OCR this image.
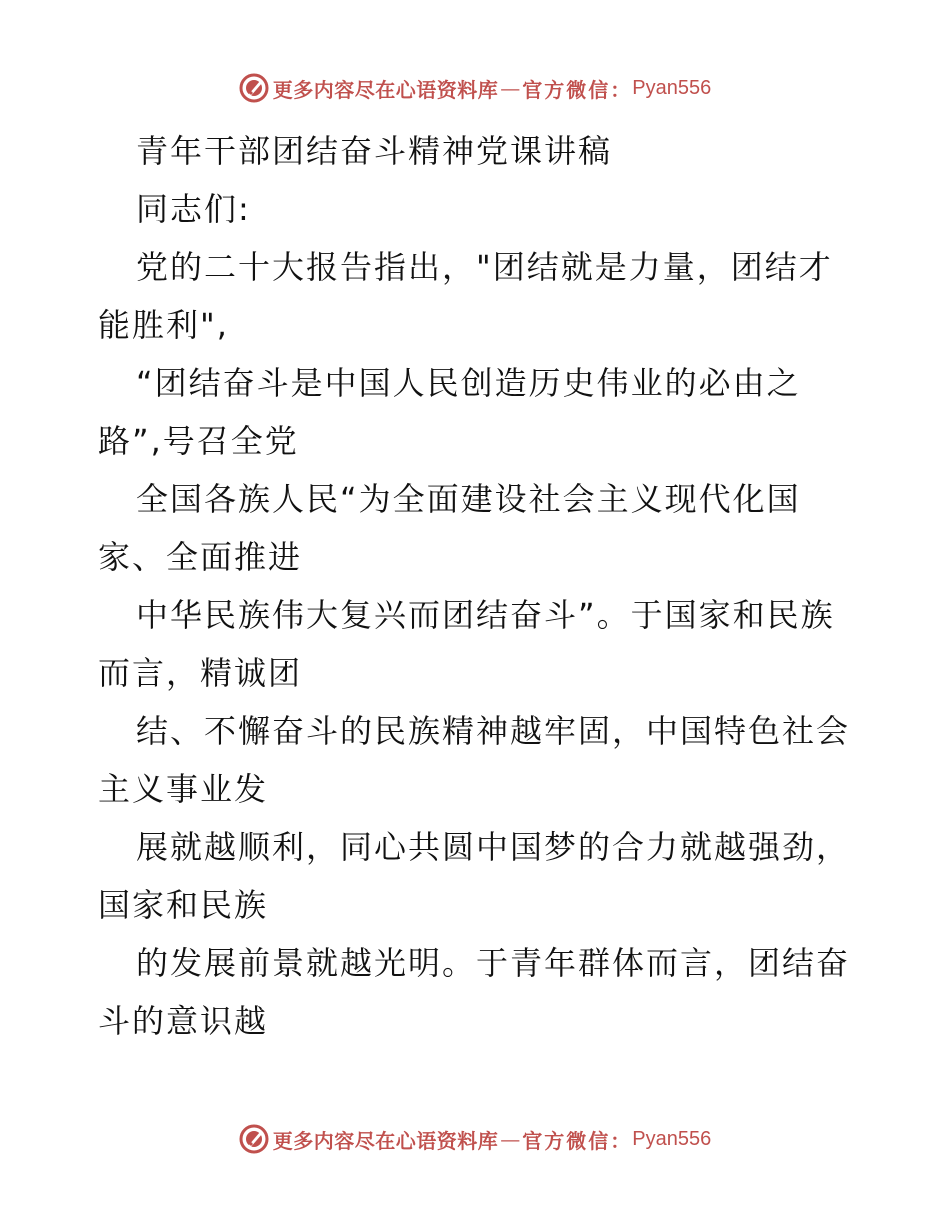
更多内容尽在心语资料库 — 官方微信： Pyan556
青年干部团结奋斗精神党课讲稿
同志们:
党的二十大报告指出，"团结就是力量，团结才
能胜利",
“团结奋斗是中国人民创造历史伟业的必由之
路”,号召全党
全国各族人民“为全面建设社会主义现代化国
家、全面推进
中华民族伟大复兴而团结奋斗”。于国家和民族
而言，精诚团
结、不懈奋斗的民族精神越牢固，中国特色社会
主义事业发
展就越顺利，同心共圆中国梦的合力就越强劲，
国家和民族
的发展前景就越光明。于青年群体而言，团结奋
斗的意识越
更多内容尽在心语资料库 — 官方微信： Pyan556
